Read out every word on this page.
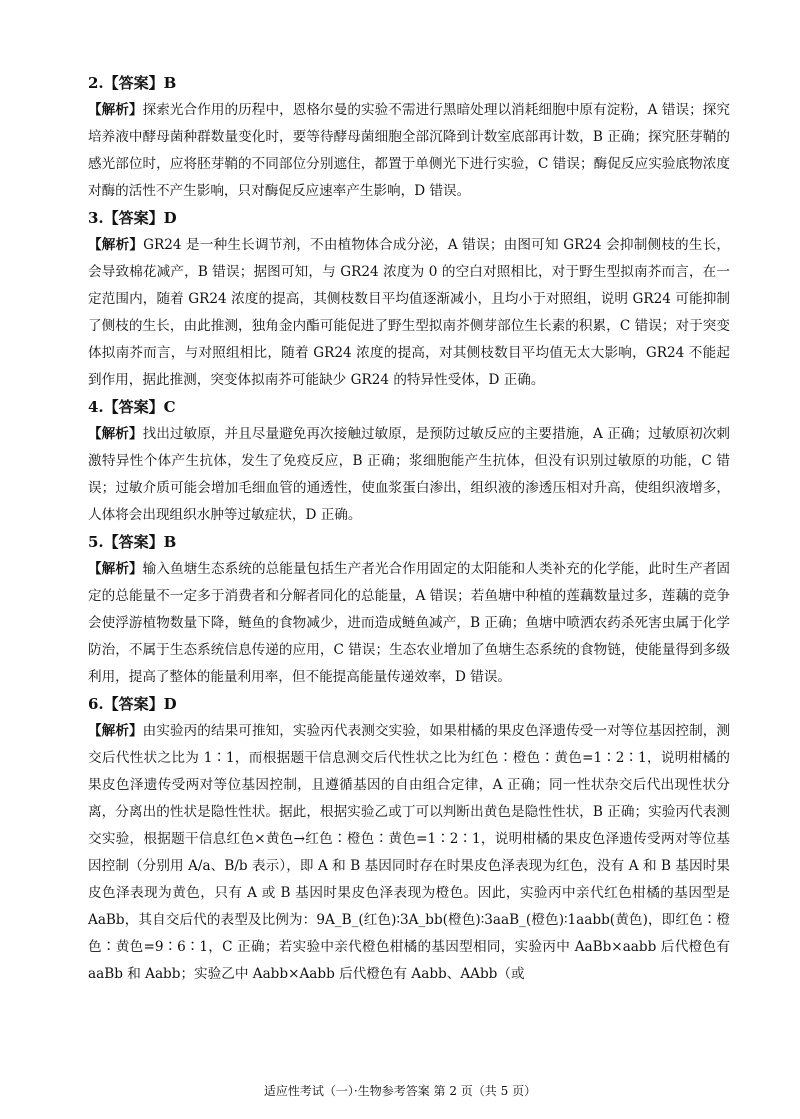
2.【答案】B

【解析】探索光合作用的历程中，恩格尔曼的实验不需进行黑暗处理以消耗细胞中原有淀粉，A 错误；探究培养液中酵母菌种群数量变化时，要等待酵母菌细胞全部沉降到计数室底部再计数，B 正确；探究胚芽鞘的感光部位时，应将胚芽鞘的不同部位分别遮住，都置于单侧光下进行实验，C 错误；酶促反应实验底物浓度对酶的活性不产生影响，只对酶促反应速率产生影响，D 错误。

3.【答案】D

【解析】GR24 是一种生长调节剂，不由植物体合成分泌，A 错误；由图可知 GR24 会抑制侧枝的生长，会导致棉花减产，B 错误；据图可知，与 GR24 浓度为 0 的空白对照相比，对于野生型拟南芥而言，在一定范围内，随着 GR24 浓度的提高，其侧枝数目平均值逐渐减小，且均小于对照组，说明 GR24 可能抑制了侧枝的生长，由此推测，独角金内酯可能促进了野生型拟南芥侧芽部位生长素的积累，C 错误；对于突变体拟南芥而言，与对照组相比，随着 GR24 浓度的提高，对其侧枝数目平均值无太大影响，GR24 不能起到作用，据此推测，突变体拟南芥可能缺少 GR24 的特异性受体，D 正确。

4.【答案】C

【解析】找出过敏原，并且尽量避免再次接触过敏原，是预防过敏反应的主要措施，A 正确；过敏原初次刺激特异性个体产生抗体，发生了免疫反应，B 正确；浆细胞能产生抗体，但没有识别过敏原的功能，C 错误；过敏介质可能会增加毛细血管的通透性，使血浆蛋白渗出，组织液的渗透压相对升高，使组织液增多，人体将会出现组织水肿等过敏症状，D 正确。

5.【答案】B

【解析】输入鱼塘生态系统的总能量包括生产者光合作用固定的太阳能和人类补充的化学能，此时生产者固定的总能量不一定多于消费者和分解者同化的总能量，A 错误；若鱼塘中种植的莲藕数量过多，莲藕的竞争会使浮游植物数量下降，鲢鱼的食物减少，进而造成鲢鱼减产，B 正确；鱼塘中喷洒农药杀死害虫属于化学防治，不属于生态系统信息传递的应用，C 错误；生态农业增加了鱼塘生态系统的食物链，使能量得到多级利用，提高了整体的能量利用率，但不能提高能量传递效率，D 错误。

6.【答案】D

【解析】由实验丙的结果可推知，实验丙代表测交实验，如果柑橘的果皮色泽遗传受一对等位基因控制，测交后代性状之比为 1∶1，而根据题干信息测交后代性状之比为红色∶橙色∶黄色=1∶2∶1，说明柑橘的果皮色泽遗传受两对等位基因控制，且遵循基因的自由组合定律，A 正确；同一性状杂交后代出现性状分离，分离出的性状是隐性性状。据此，根据实验乙或丁可以判断出黄色是隐性性状，B 正确；实验丙代表测交实验，根据题干信息红色×黄色→红色∶橙色∶黄色=1∶2∶1，说明柑橘的果皮色泽遗传受两对等位基因控制（分别用 A/a、B/b 表示），即 A 和 B 基因同时存在时果皮色泽表现为红色，没有 A 和 B 基因时果皮色泽表现为黄色，只有 A 或 B 基因时果皮色泽表现为橙色。因此，实验丙中亲代红色柑橘的基因型是 AaBb，其自交后代的表型及比例为：9A_B_(红色)∶3A_bb(橙色)∶3aaB_(橙色)∶1aabb(黄色)，即红色∶橙色∶黄色=9∶6∶1，C 正确；若实验中亲代橙色柑橘的基因型相同，实验丙中 AaBb×aabb 后代橙色有 aaBb 和 Aabb；实验乙中 Aabb×Aabb 后代橙色有 Aabb、AAbb（或

适应性考试（一）·生物参考答案 第 2 页（共 5 页）
